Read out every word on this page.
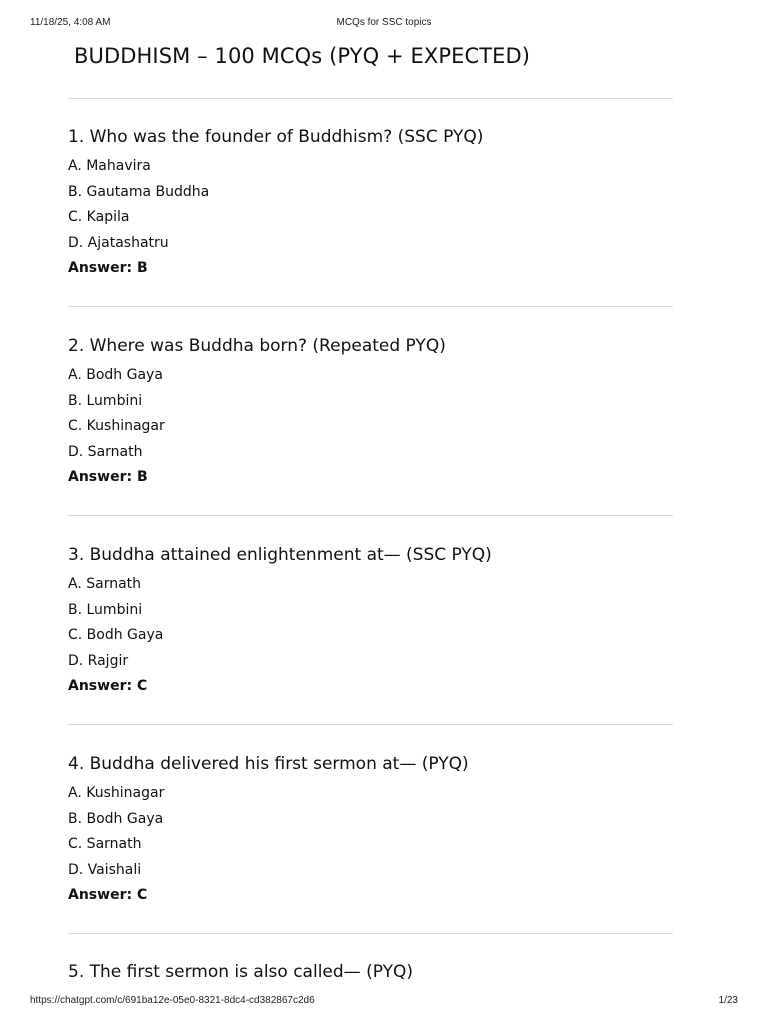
11/18/25, 4:08 AM	MCQs for SSC topics
BUDDHISM – 100 MCQs (PYQ + EXPECTED)
1. Who was the founder of Buddhism? (SSC PYQ)
A. Mahavira
B. Gautama Buddha
C. Kapila
D. Ajatashatru
Answer: B
2. Where was Buddha born? (Repeated PYQ)
A. Bodh Gaya
B. Lumbini
C. Kushinagar
D. Sarnath
Answer: B
3. Buddha attained enlightenment at— (SSC PYQ)
A. Sarnath
B. Lumbini
C. Bodh Gaya
D. Rajgir
Answer: C
4. Buddha delivered his first sermon at— (PYQ)
A. Kushinagar
B. Bodh Gaya
C. Sarnath
D. Vaishali
Answer: C
5. The first sermon is also called— (PYQ)
https://chatgpt.com/c/691ba12e-05e0-8321-8dc4-cd382867c2d6	1/23
